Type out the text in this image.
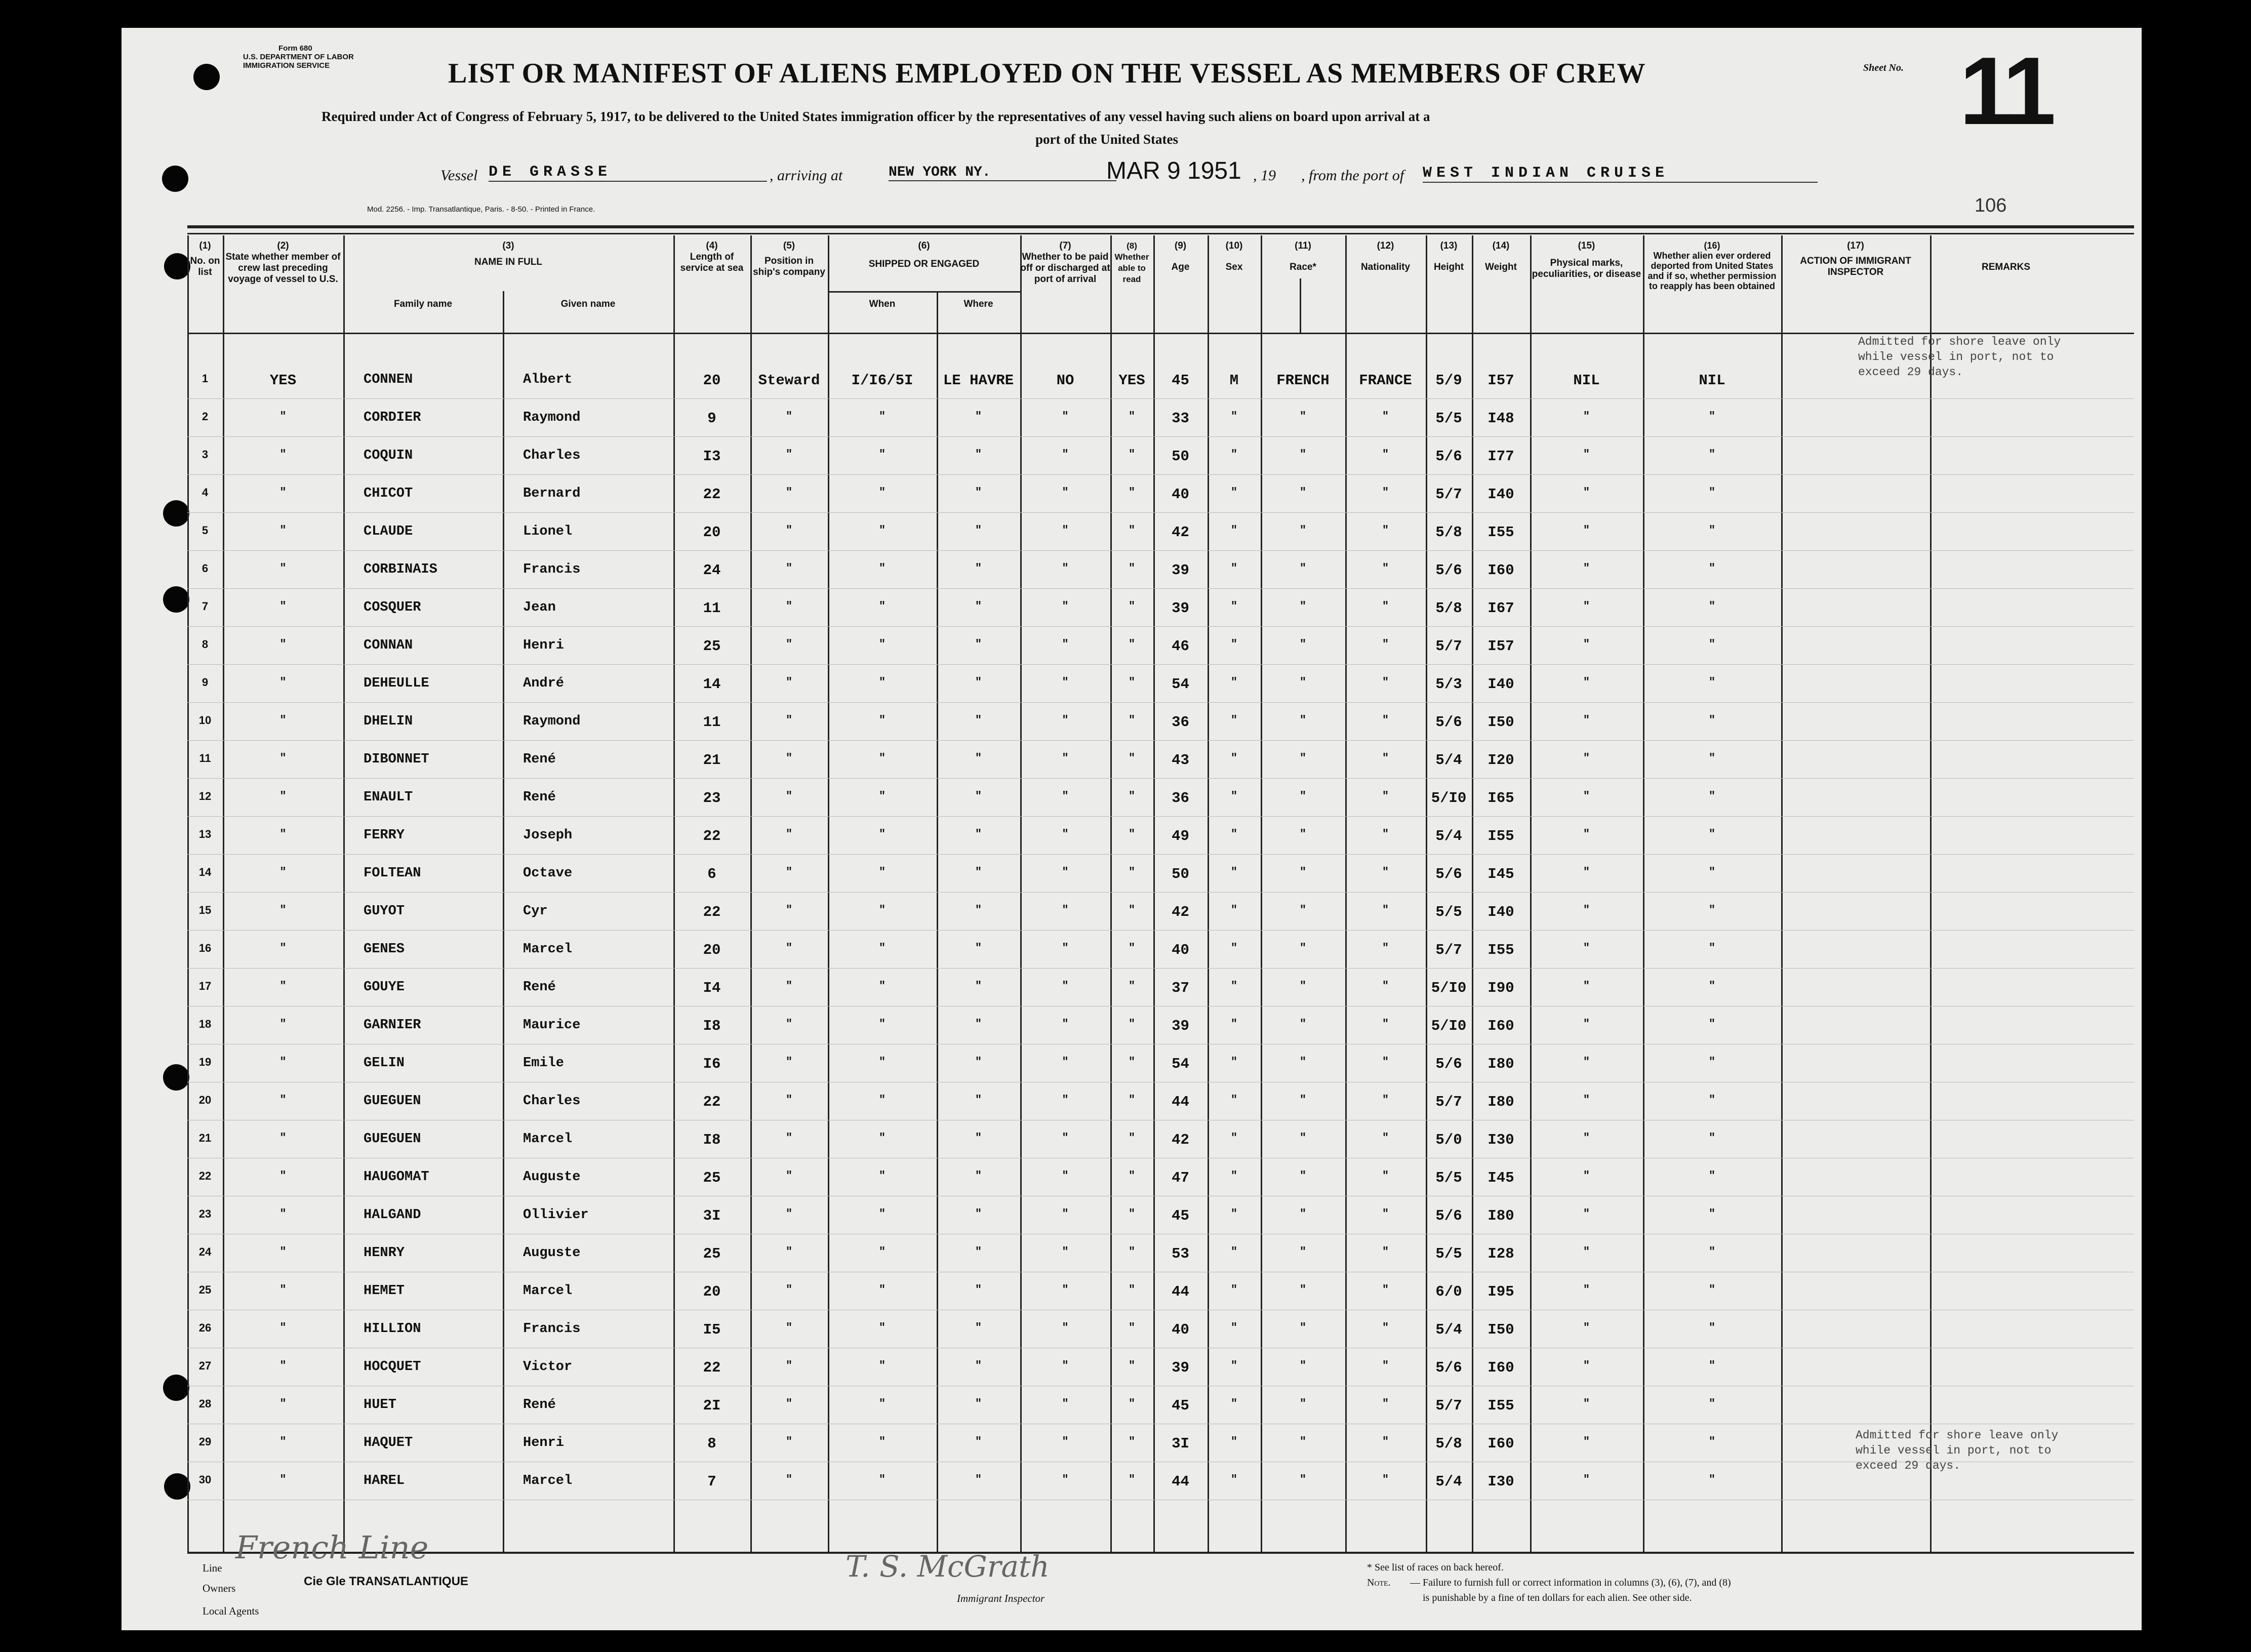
Form 680
U.S. DEPARTMENT OF LABOR
IMMIGRATION SERVICE	LIST OR MANIFEST OF ALIENS EMPLOYED ON THE VESSEL AS MEMBERS OF CREW	Sheet No. 11
Required under Act of Congress of February 5, 1917, to be delivered to the United States immigration officer by the representatives of any vessel having such aliens on board upon arrival at a
port of the United States
Vessel DE GRASSE	, arriving at	NEW YORK NY.	MAR 9 1951 , 19 , from the port of WEST INDIAN CRUISE
Mod. 2256. - Imp. Transatlantique, Paris. - 8-50. - Printed in France.	106
(1)
No. on list
(2)
State whether member of crew last preceding voyage of vessel to U.S.
(3)
NAME IN FULL
Family name	Given name
(4)
Length of service at sea
(5)
Position in ship's company
(6)
SHIPPED OR ENGAGED
When	Where
(7)
Whether to be paid off or discharged at port of arrival
(8)
Whether able to read
(9)
Age
(10)
Sex
(11)
Race*
(12)
Nationality
(13)
Height
(14)
Weight
(15)
Physical marks, peculiarities, or disease
(16)
Whether alien ever ordered deported from United States and if so, whether permission to reapply has been obtained
(17)
ACTION OF IMMIGRANT INSPECTOR	REMARKS
1	YES	CONNEN	Albert	20	Steward	I/I6/5I	LE HAVRE	NO	YES	45	M	FRENCH	FRANCE	5/9	I57	NIL	NIL
2	"	CORDIER	Raymond	9	"	"	"	"	"	33	"	"	"	5/5	I48	"	"
3	"	COQUIN	Charles	I3	"	"	"	"	"	50	"	"	"	5/6	I77	"	"
4	"	CHICOT	Bernard	22	"	"	"	"	"	40	"	"	"	5/7	I40	"	"
5	"	CLAUDE	Lionel	20	"	"	"	"	"	42	"	"	"	5/8	I55	"	"
6	"	CORBINAIS	Francis	24	"	"	"	"	"	39	"	"	"	5/6	I60	"	"
7	"	COSQUER	Jean	11	"	"	"	"	"	39	"	"	"	5/8	I67	"	"
8	"	CONNAN	Henri	25	"	"	"	"	"	46	"	"	"	5/7	I57	"	"
9	"	DEHEULLE	André	14	"	"	"	"	"	54	"	"	"	5/3	I40	"	"
10	"	DHELIN	Raymond	11	"	"	"	"	"	36	"	"	"	5/6	I50	"	"
11	"	DIBONNET	René	21	"	"	"	"	"	43	"	"	"	5/4	I20	"	"
12	"	ENAULT	René	23	"	"	"	"	"	36	"	"	"	5/I0	I65	"	"
13	"	FERRY	Joseph	22	"	"	"	"	"	49	"	"	"	5/4	I55	"	"
14	"	FOLTEAN	Octave	6	"	"	"	"	"	50	"	"	"	5/6	I45	"	"
15	"	GUYOT	Cyr	22	"	"	"	"	"	42	"	"	"	5/5	I40	"	"
16	"	GENES	Marcel	20	"	"	"	"	"	40	"	"	"	5/7	I55	"	"
17	"	GOUYE	René	I4	"	"	"	"	"	37	"	"	"	5/I0	I90	"	"
18	"	GARNIER	Maurice	I8	"	"	"	"	"	39	"	"	"	5/I0	I60	"	"
19	"	GELIN	Emile	I6	"	"	"	"	"	54	"	"	"	5/6	I80	"	"
20	"	GUEGUEN	Charles	22	"	"	"	"	"	44	"	"	"	5/7	I80	"	"
21	"	GUEGUEN	Marcel	I8	"	"	"	"	"	42	"	"	"	5/0	I30	"	"
22	"	HAUGOMAT	Auguste	25	"	"	"	"	"	47	"	"	"	5/5	I45	"	"
23	"	HALGAND	Ollivier	3I	"	"	"	"	"	45	"	"	"	5/6	I80	"	"
24	"	HENRY	Auguste	25	"	"	"	"	"	53	"	"	"	5/5	I28	"	"
25	"	HEMET	Marcel	20	"	"	"	"	"	44	"	"	"	6/0	I95	"	"
26	"	HILLION	Francis	I5	"	"	"	"	"	40	"	"	"	5/4	I50	"	"
27	"	HOCQUET	Victor	22	"	"	"	"	"	39	"	"	"	5/6	I60	"	"
28	"	HUET	René	2I	"	"	"	"	"	45	"	"	"	5/7	I55	"	"
29	"	HAQUET	Henri	8	"	"	"	"	"	3I	"	"	"	5/8	I60	"	"
30	"	HAREL	Marcel	7	"	"	"	"	"	44	"	"	"	5/4	I30	"	"
Admitted for shore leave only while vessel in port, not to exceed 29 days.
Admitted for shore leave only while vessel in port, not to exceed 29 days.
Line
French Line
Owners	Cie Gle TRANSATLANTIQUE
Local Agents
T. S. McGrath
Immigrant Inspector
* See list of races on back hereof.
Note. — Failure to furnish full or correct information in columns (3), (6), (7), and (8)
is punishable by a fine of ten dollars for each alien. See other side.
